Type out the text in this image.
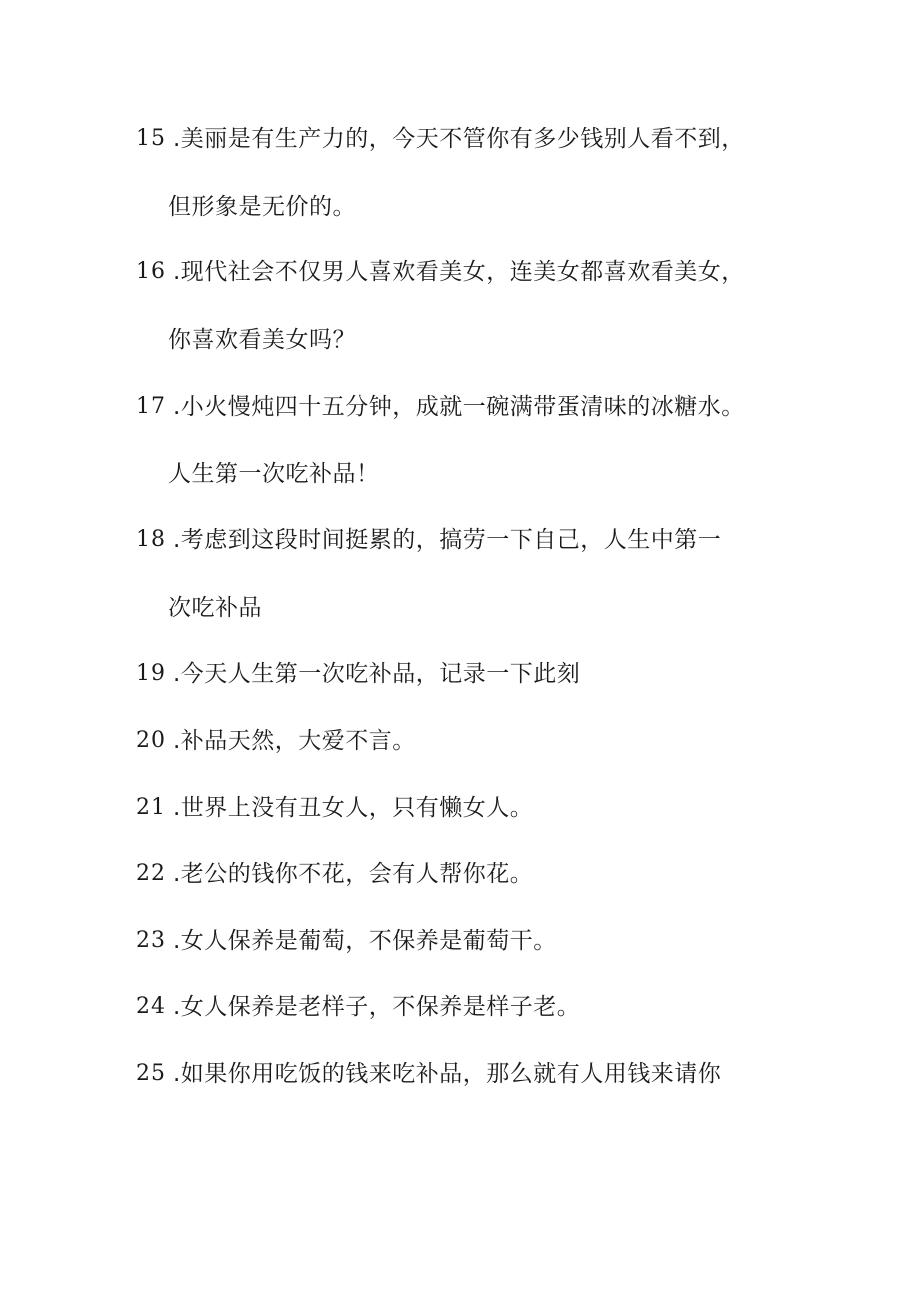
15 .美丽是有生产力的，今天不管你有多少钱别人看不到，
但形象是无价的。
16 .现代社会不仅男人喜欢看美女，连美女都喜欢看美女，
你喜欢看美女吗？
17 .小火慢炖四十五分钟，成就一碗满带蛋清味的冰糖水。
人生第一次吃补品！
18 .考虑到这段时间挺累的，搞劳一下自己，人生中第一
次吃补品
19 .今天人生第一次吃补品，记录一下此刻
20 .补品天然，大爱不言。
21 .世界上没有丑女人，只有懒女人。
22 .老公的钱你不花，会有人帮你花。
23 .女人保养是葡萄，不保养是葡萄干。
24 .女人保养是老样子，不保养是样子老。
25 .如果你用吃饭的钱来吃补品，那么就有人用钱来请你
